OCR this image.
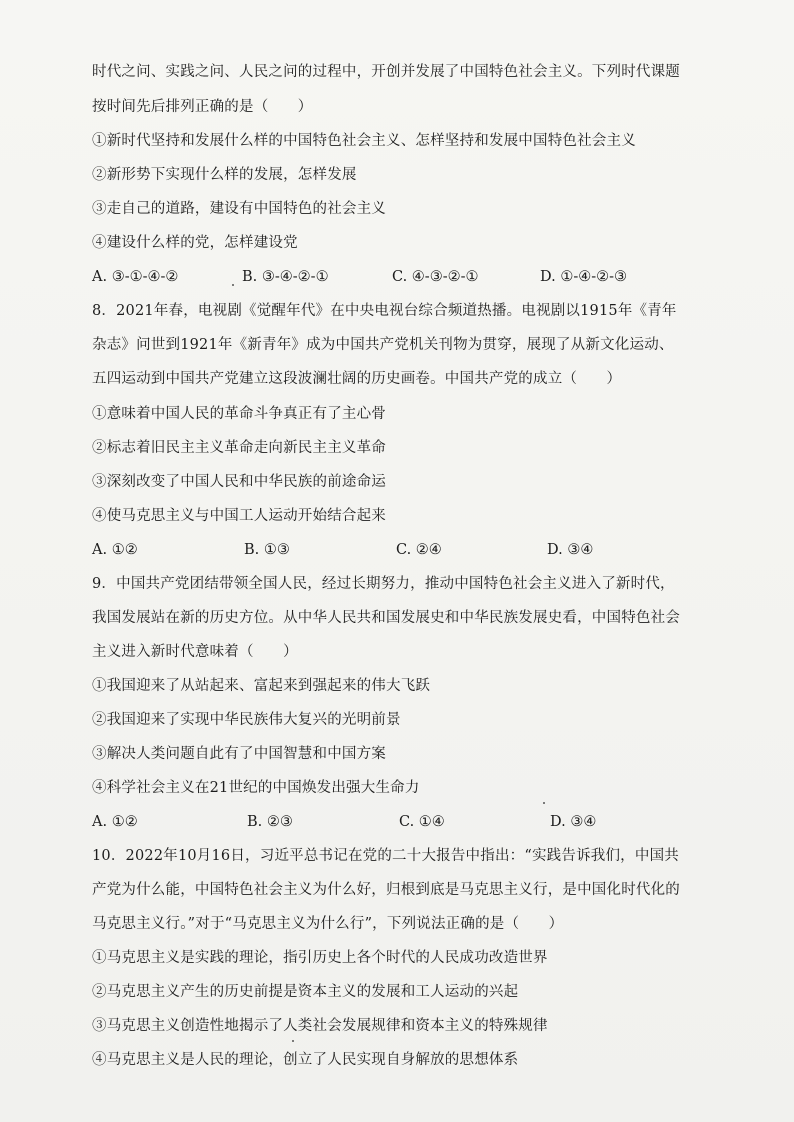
时代之问、实践之问、人民之问的过程中，开创并发展了中国特色社会主义。下列时代课题
按时间先后排列正确的是（　　）
①新时代坚持和发展什么样的中国特色社会主义、怎样坚持和发展中国特色社会主义
②新形势下实现什么样的发展，怎样发展
③走自己的道路，建设有中国特色的社会主义
④建设什么样的党，怎样建设党
A. ③-①-④-②	B. ③-④-②-①	C. ④-③-②-①	D. ①-④-②-③
8．2021年春，电视剧《觉醒年代》在中央电视台综合频道热播。电视剧以1915年《青年
杂志》问世到1921年《新青年》成为中国共产党机关刊物为贯穿，展现了从新文化运动、
五四运动到中国共产党建立这段波澜壮阔的历史画卷。中国共产党的成立（　　）
①意味着中国人民的革命斗争真正有了主心骨
②标志着旧民主主义革命走向新民主主义革命
③深刻改变了中国人民和中华民族的前途命运
④使马克思主义与中国工人运动开始结合起来
A. ①②	B. ①③	C. ②④	D. ③④
9．中国共产党团结带领全国人民，经过长期努力，推动中国特色社会主义进入了新时代，
我国发展站在新的历史方位。从中华人民共和国发展史和中华民族发展史看，中国特色社会
主义进入新时代意味着（　　）
①我国迎来了从站起来、富起来到强起来的伟大飞跃
②我国迎来了实现中华民族伟大复兴的光明前景
③解决人类问题自此有了中国智慧和中国方案
④科学社会主义在21世纪的中国焕发出强大生命力
A. ①②	B. ②③	C. ①④	D. ③④
10．2022年10月16日，习近平总书记在党的二十大报告中指出：“实践告诉我们，中国共
产党为什么能，中国特色社会主义为什么好，归根到底是马克思主义行，是中国化时代化的
马克思主义行。”对于“马克思主义为什么行”，下列说法正确的是（　　）
①马克思主义是实践的理论，指引历史上各个时代的人民成功改造世界
②马克思主义产生的历史前提是资本主义的发展和工人运动的兴起
③马克思主义创造性地揭示了人类社会发展规律和资本主义的特殊规律
④马克思主义是人民的理论，创立了人民实现自身解放的思想体系
